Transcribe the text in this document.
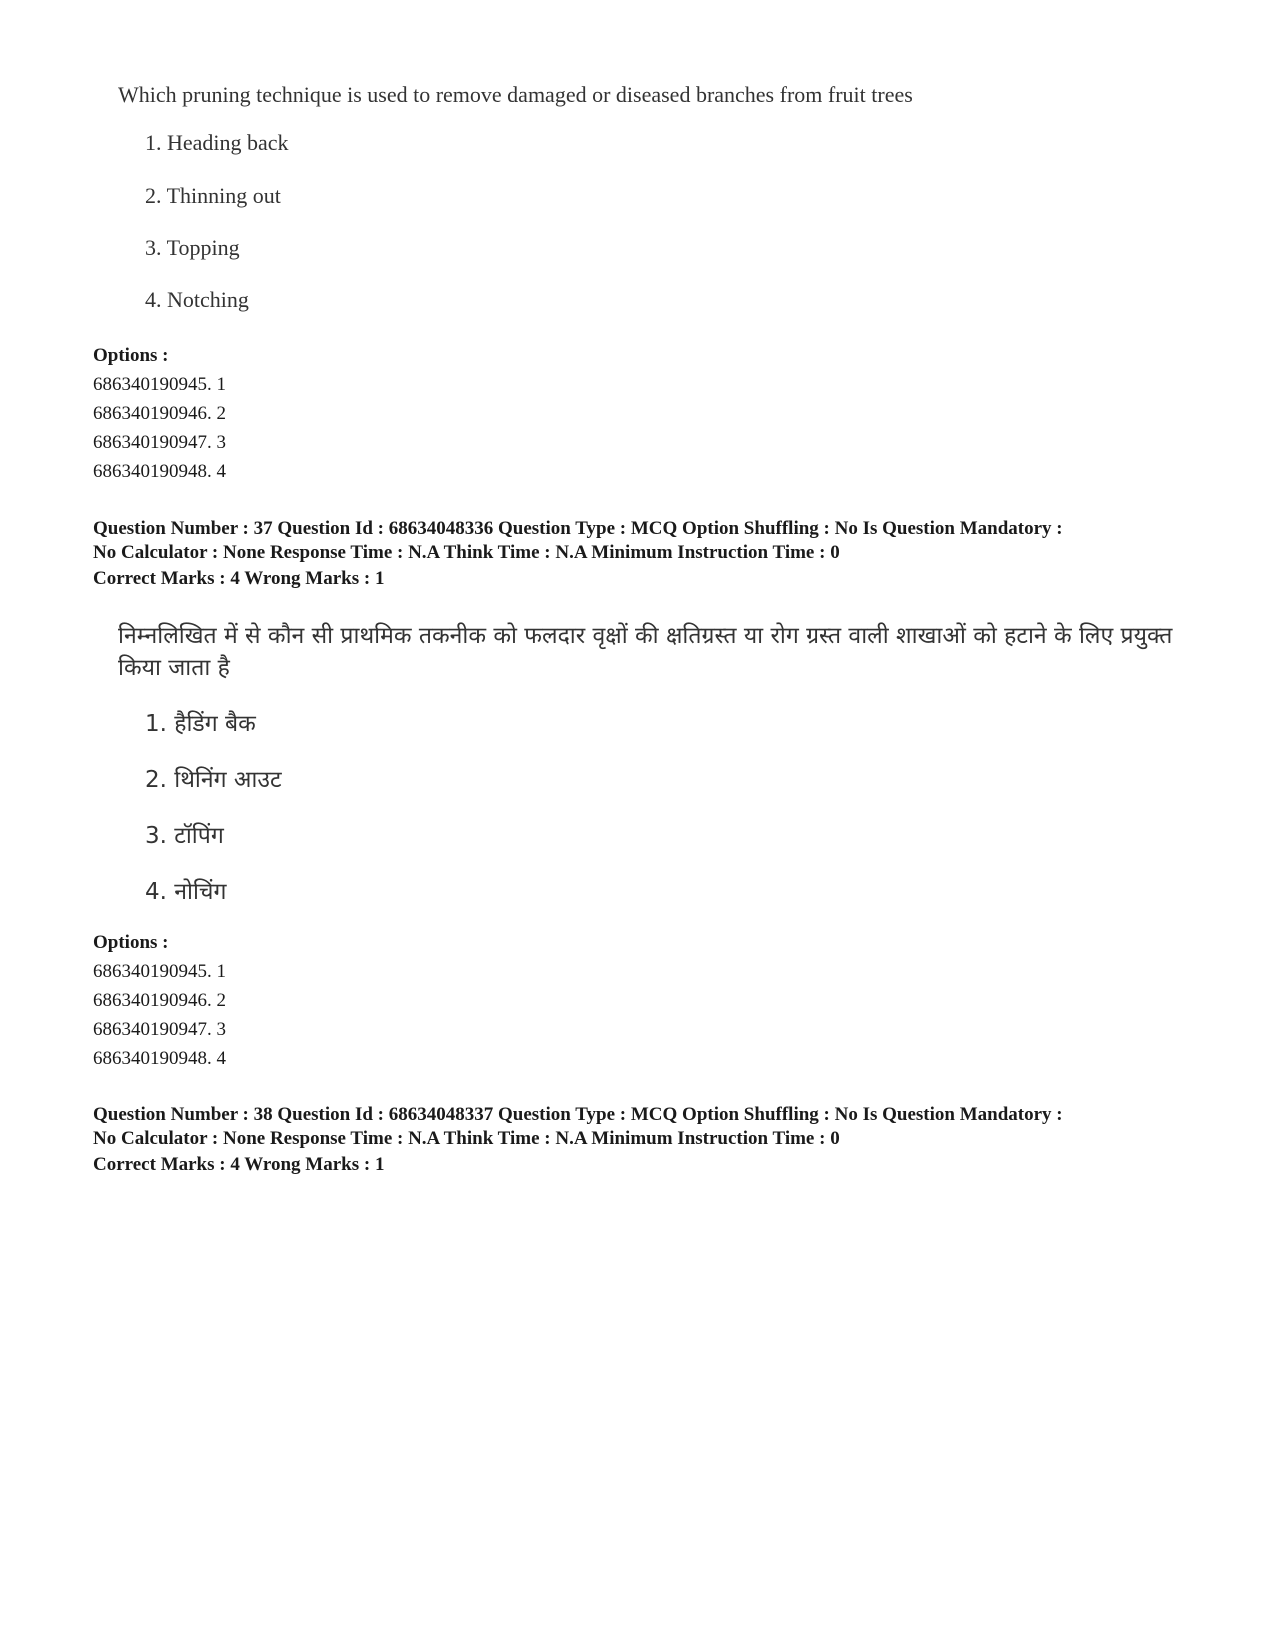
Which pruning technique is used to remove damaged or diseased branches from fruit trees

1. Heading back
2. Thinning out
3. Topping
4. Notching
Options :
686340190945. 1
686340190946. 2
686340190947. 3
686340190948. 4
Question Number : 37 Question Id : 68634048336 Question Type : MCQ Option Shuffling : No Is Question Mandatory :
No Calculator : None Response Time : N.A Think Time : N.A Minimum Instruction Time : 0
Correct Marks : 4 Wrong Marks : 1

निम्नलिखित में से कौन सी प्राथमिक तकनीक को फलदार वृक्षों की क्षतिग्रस्त या रोग ग्रस्त वाली शाखाओं को हटाने के लिए प्रयुक्त किया जाता है

1. हैडिंग बैक
2. थिनिंग आउट
3. टॉपिंग
4. नोचिंग
Options :
686340190945. 1
686340190946. 2
686340190947. 3
686340190948. 4
Question Number : 38 Question Id : 68634048337 Question Type : MCQ Option Shuffling : No Is Question Mandatory :
No Calculator : None Response Time : N.A Think Time : N.A Minimum Instruction Time : 0
Correct Marks : 4 Wrong Marks : 1
